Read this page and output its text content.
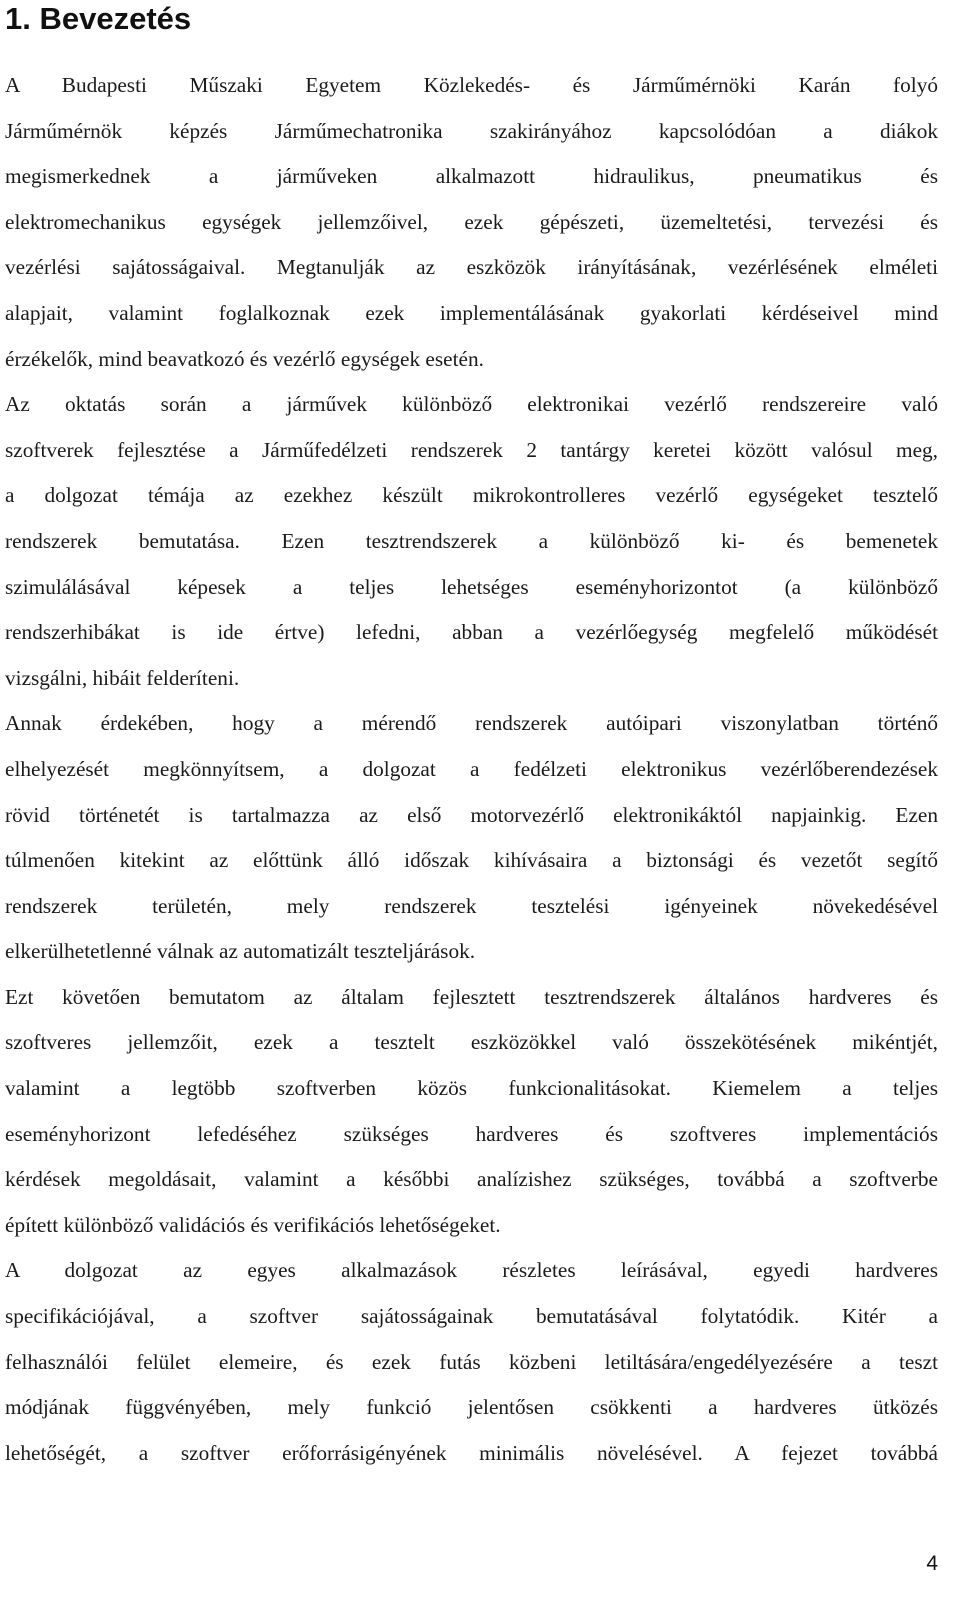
1. Bevezetés

A Budapesti Műszaki Egyetem Közlekedés- és Járműmérnöki Karán folyó
Járműmérnök képzés Járműmechatronika szakirányához kapcsolódóan a diákok
megismerkednek a járműveken alkalmazott hidraulikus, pneumatikus és
elektromechanikus egységek jellemzőivel, ezek gépészeti, üzemeltetési, tervezési és
vezérlési sajátosságaival. Megtanulják az eszközök irányításának, vezérlésének elméleti
alapjait, valamint foglalkoznak ezek implementálásának gyakorlati kérdéseivel mind
érzékelők, mind beavatkozó és vezérlő egységek esetén.

Az oktatás során a járművek különböző elektronikai vezérlő rendszereire való
szoftverek fejlesztése a Járműfedélzeti rendszerek 2 tantárgy keretei között valósul meg,
a dolgozat témája az ezekhez készült mikrokontrolleres vezérlő egységeket tesztelő
rendszerek bemutatása. Ezen tesztrendszerek a különböző ki- és bemenetek
szimulálásával képesek a teljes lehetséges eseményhorizontot (a különböző
rendszerhibákat is ide értve) lefedni, abban a vezérlőegység megfelelő működését
vizsgálni, hibáit felderíteni.

Annak érdekében, hogy a mérendő rendszerek autóipari viszonylatban történő
elhelyezését megkönnyítsem, a dolgozat a fedélzeti elektronikus vezérlőberendezések
rövid történetét is tartalmazza az első motorvezérlő elektronikáktól napjainkig. Ezen
túlmenően kitekint az előttünk álló időszak kihívásaira a biztonsági és vezetőt segítő
rendszerek területén, mely rendszerek tesztelési igényeinek növekedésével
elkerülhetetlenné válnak az automatizált teszteljárások.

Ezt követően bemutatom az általam fejlesztett tesztrendszerek általános hardveres és
szoftveres jellemzőit, ezek a tesztelt eszközökkel való összekötésének mikéntjét,
valamint a legtöbb szoftverben közös funkcionalitásokat. Kiemelem a teljes
eseményhorizont lefedéséhez szükséges hardveres és szoftveres implementációs
kérdések megoldásait, valamint a későbbi analízishez szükséges, továbbá a szoftverbe
épített különböző validációs és verifikációs lehetőségeket.

A dolgozat az egyes alkalmazások részletes leírásával, egyedi hardveres
specifikációjával, a szoftver sajátosságainak bemutatásával folytatódik. Kitér a
felhasználói felület elemeire, és ezek futás közbeni letiltására/engedélyezésére a teszt
módjának függvényében, mely funkció jelentősen csökkenti a hardveres ütközés
lehetőségét, a szoftver erőforrásigényének minimális növelésével. A fejezet továbbá

4
